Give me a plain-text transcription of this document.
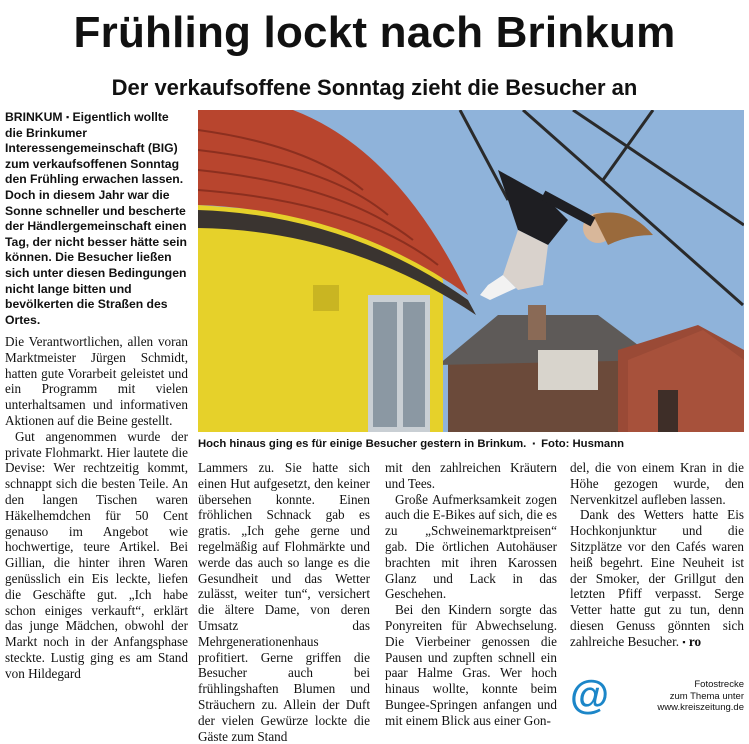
Frühling lockt nach Brinkum
Der verkaufsoffene Sonntag zieht die Besucher an

BRINKUM ▪ Eigentlich wollte die Brinkumer Interessengemeinschaft (BIG) zum verkaufsoffenen Sonntag den Frühling erwachen lassen. Doch in diesem Jahr war die Sonne schneller und bescherte der Händlergemeinschaft einen Tag, der nicht besser hätte sein können. Die Besucher ließen sich unter diesen Bedingungen nicht lange bitten und bevölkerten die Straßen des Ortes.

Hoch hinaus ging es für einige Besucher gestern in Brinkum. ▪ Foto: Husmann

Die Verantwortlichen, allen voran Marktmeister Jürgen Schmidt, hatten gute Vorarbeit geleistet und ein Programm mit vielen unterhaltsamen und informativen Aktionen auf die Beine gestellt.

Gut angenommen wurde der private Flohmarkt. Hier lautete die Devise: Wer rechtzeitig kommt, schnappt sich die besten Teile. An den langen Tischen waren Häkelhemdchen für 50 Cent genauso im Angebot wie hochwertige, teure Artikel. Bei Gillian, die hinter ihren Waren genüsslich ein Eis leckte, liefen die Geschäfte gut. „Ich habe schon einiges verkauft“, erklärt das junge Mädchen, obwohl der Markt noch in der Anfangsphase steckte. Lustig ging es am Stand von Hildegard

Lammers zu. Sie hatte sich einen Hut aufgesetzt, den keiner übersehen konnte. Einen fröhlichen Schnack gab es gratis. „Ich gehe gerne und regelmäßig auf Flohmärkte und werde das auch so lange es die Gesundheit und das Wetter zulässt, weiter tun“, versichert die ältere Dame, von deren Umsatz das Mehrgenerationenhaus profitiert. Gerne griffen die Besucher auch bei frühlingshaften Blumen und Sträuchern zu. Allein der Duft der vielen Gewürze lockte die Gäste zum Stand

mit den zahlreichen Kräutern und Tees.

Große Aufmerksamkeit zogen auch die E-Bikes auf sich, die es zu „Schweinemarktpreisen“ gab. Die örtlichen Autohäuser brachten mit ihren Karossen Glanz und Lack in das Geschehen.

Bei den Kindern sorgte das Ponyreiten für Abwechselung. Die Vierbeiner genossen die Pausen und zupften schnell ein paar Halme Gras. Wer hoch hinaus wollte, konnte beim Bungee-Springen anfangen und mit einem Blick aus einer Gon-

del, die von einem Kran in die Höhe gezogen wurde, den Nervenkitzel aufleben lassen.

Dank des Wetters hatte Eis Hochkonjunktur und die Sitzplätze vor den Cafés waren heiß begehrt. Eine Neuheit ist der Smoker, der Grillgut den letzten Pfiff verpasst. Serge Vetter hatte gut zu tun, denn diesen Genuss gönnten sich zahlreiche Besucher. ▪ ro

@	Fotostrecke
zum Thema unter
www.kreiszeitung.de
